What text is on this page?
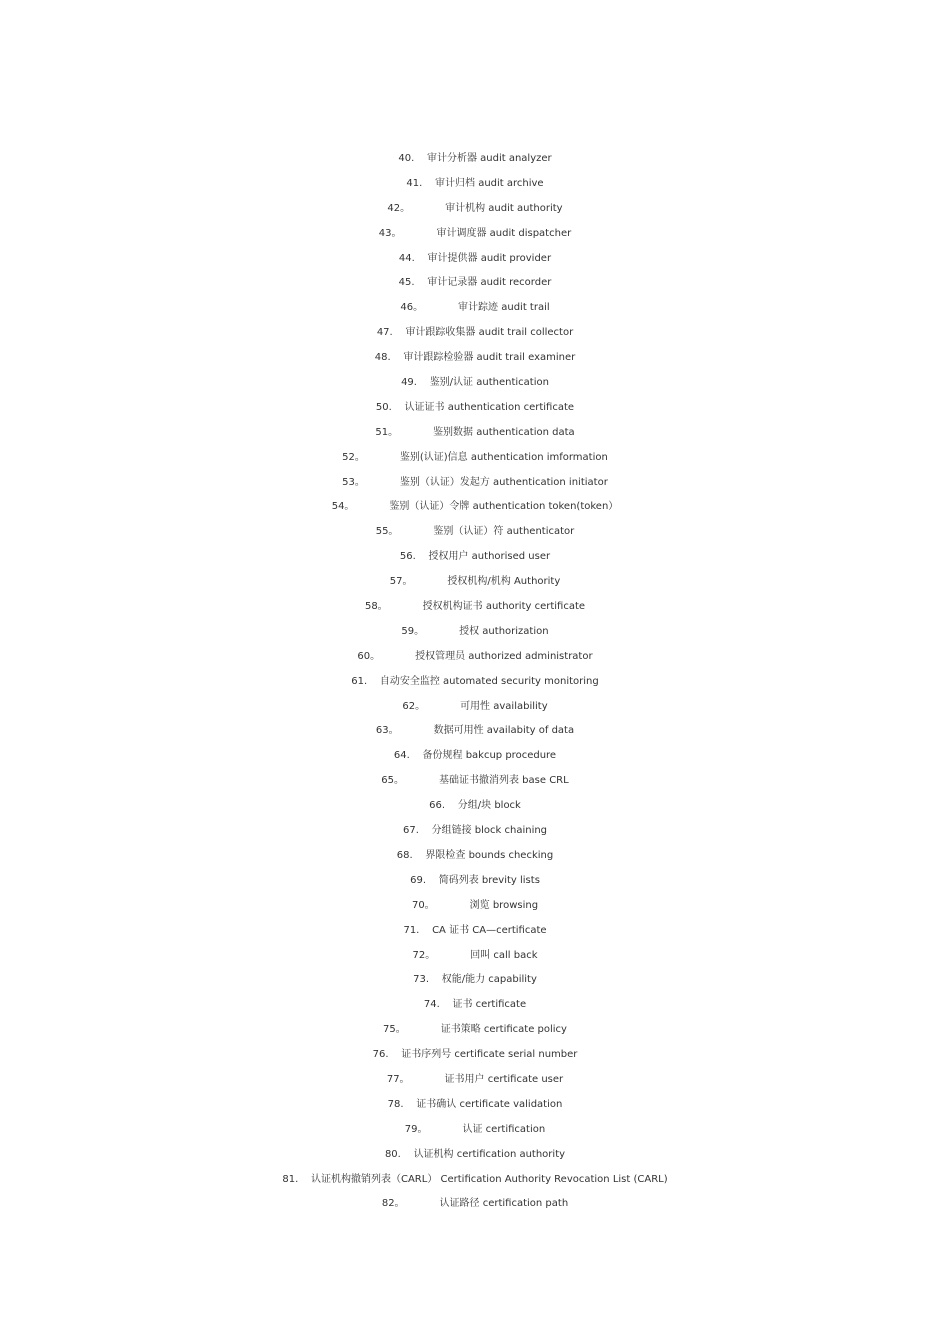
40. 审计分析器 audit analyzer
41. 审计归档 audit archive
42。	审计机构 audit authority
43。	审计调度器 audit dispatcher
44. 审计提供器 audit provider
45. 审计记录器 audit recorder
46。	审计踪迹 audit trail
47. 审计跟踪收集器 audit trail collector
48. 审计跟踪检验器 audit trail examiner
49. 鉴别/认证 authentication
50. 认证证书 authentication certificate
51。	鉴别数据 authentication data
52。	鉴别(认证)信息 authentication imformation
53。	鉴别（认证）发起方 authentication initiator
54。	鉴别（认证）令牌 authentication token(token）
55。	鉴别（认证）符 authenticator
56. 授权用户 authorised user
57。	授权机构/机构 Authority
58。	授权机构证书 authority certificate
59。	授权 authorization
60。	授权管理员 authorized administrator
61. 自动安全监控 automated security monitoring
62。	可用性 availability
63。	数据可用性 availabity of data
64. 备份规程 bakcup procedure
65。	基础证书撤消列表 base CRL
66. 分组/块 block
67. 分组链接 block chaining
68. 界限检查 bounds checking
69. 简码列表 brevity lists
70。	浏览 browsing
71. CA 证书 CA—certificate
72。	回叫 call back
73. 权能/能力 capability
74. 证书 certificate
75。	证书策略 certificate policy
76. 证书序列号 certificate serial number
77。	证书用户 certificate user
78. 证书确认 certificate validation
79。	认证 certification
80. 认证机构 certification authority
81. 认证机构撤销列表（CARL） Certification Authority Revocation List (CARL)
82。	认证路径 certification path
